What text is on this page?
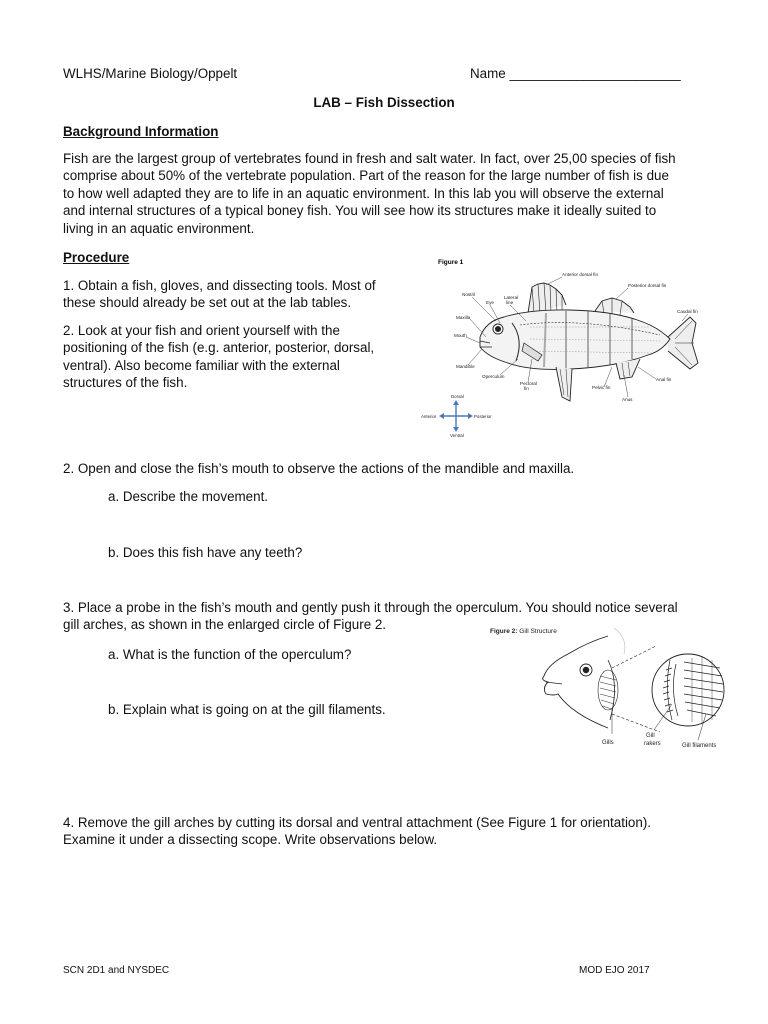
WLHS/Marine Biology/Oppelt	Name _______________________
LAB – Fish Dissection
Background Information
Fish are the largest group of vertebrates found in fresh and salt water. In fact, over 25,00 species of fish
comprise about 50% of the vertebrate population. Part of the reason for the large number of fish is due
to how well adapted they are to life in an aquatic environment. In this lab you will observe the external
and internal structures of a typical boney fish. You will see how its structures make it ideally suited to
living in an aquatic environment.
Procedure
1. Obtain a fish, gloves, and dissecting tools. Most of
these should already be set out at the lab tables.
2. Look at your fish and orient yourself with the
positioning of the fish (e.g. anterior, posterior, dorsal,
ventral). Also become familiar with the external
structures of the fish.
Figure 1
Anterior dorsal fin
Posterior dorsal fin
Nostril
Eye
Lateral
line
Caudal fin
Maxilla
Mouth
Mandible
Operculum
Pectoral
fin	Pelvic fin
Anal fin
Anus
Dorsal
Ventral
Anterior	Posterior
2. Open and close the fish’s mouth to observe the actions of the mandible and maxilla.
a. Describe the movement.
b. Does this fish have any teeth?
3. Place a probe in the fish’s mouth and gently push it through the operculum. You should notice several
gill arches, as shown in the enlarged circle of Figure 2.
a. What is the function of the operculum?
b. Explain what is going on at the gill filaments.
Figure 2: Gill Structure
Gills
Gill
rakers	Gill filaments
4. Remove the gill arches by cutting its dorsal and ventral attachment (See Figure 1 for orientation).
Examine it under a dissecting scope. Write observations below.
SCN 2D1 and NYSDEC	MOD EJO 2017
